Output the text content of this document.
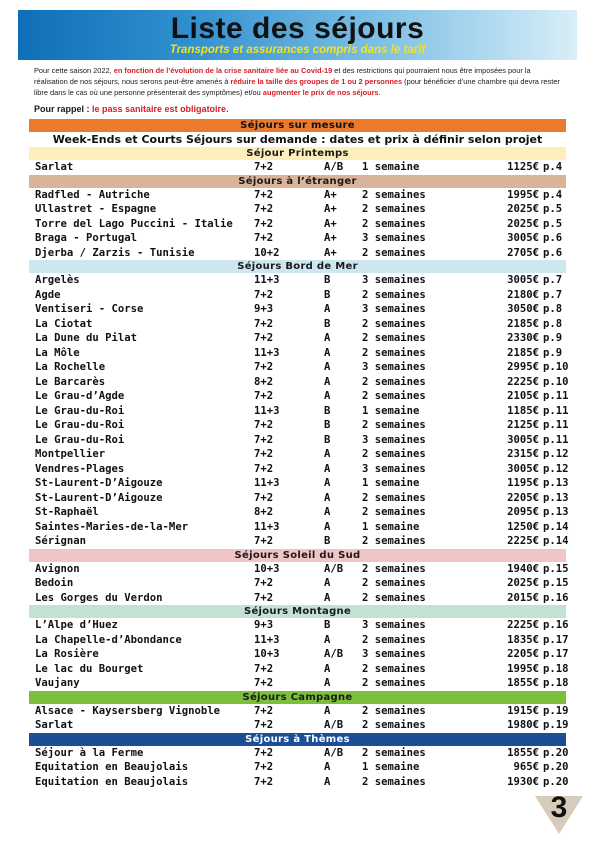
Liste des séjours
Transports et assurances compris dans le tarif
Pour cette saison 2022, en fonction de l’évolution de la crise sanitaire liée au Covid-19 et des restrictions qui pourraient nous être imposées pour la réalisation de nos séjours, nous serons peut-être amenés à réduire la taille des groupes de 1 ou 2 personnes (pour bénéficier d’une chambre qui devra rester libre dans le cas où une personne présenterait des symptômes) et/ou augmenter le prix de nos séjours.
Pour rappel : le pass sanitaire est obligatoire.
Séjours sur mesure
Week-Ends et Courts Séjours sur demande : dates et prix à définir selon projet
Séjour Printemps
Sarlat	7+2	A/B 1 semaine	1125€ p.4
Séjours à l’étranger
Radfled - Autriche	7+2	A+ 2 semaines	1995€ p.4
Ullastret - Espagne	7+2	A+ 2 semaines	2025€ p.5
Torre del Lago Puccini - Italie 7+2	A+ 2 semaines	2025€ p.5
Braga - Portugal	7+2	A+ 3 semaines	3005€ p.6
Djerba / Zarzis - Tunisie	10+2	A+ 2 semaines	2705€ p.6
Séjours Bord de Mer
Argelès	11+3	B	3 semaines	3005€ p.7
Agde	7+2	B	2 semaines	2180€ p.7
Ventiseri - Corse	9+3	A	3 semaines	3050€ p.8
La Ciotat	7+2	B	2 semaines	2185€ p.8
La Dune du Pilat	7+2	A	2 semaines	2330€ p.9
La Môle	11+3	A	2 semaines	2185€ p.9
La Rochelle	7+2	A	3 semaines	2995€ p.10
Le Barcarès	8+2	A	2 semaines	2225€ p.10
Le Grau-d’Agde	7+2	A	2 semaines	2105€ p.11
Le Grau-du-Roi	11+3	B	1 semaine	1185€ p.11
Le Grau-du-Roi	7+2	B	2 semaines	2125€ p.11
Le Grau-du-Roi	7+2	B	3 semaines	3005€ p.11
Montpellier	7+2	A	2 semaines	2315€ p.12
Vendres-Plages	7+2	A	3 semaines	3005€ p.12
St-Laurent-D’Aigouze	11+3	A	1 semaine	1195€ p.13
St-Laurent-D’Aigouze	7+2	A	2 semaines	2205€ p.13
St-Raphaël	8+2	A	2 semaines	2095€ p.13
Saintes-Maries-de-la-Mer	11+3	A	1 semaine	1250€ p.14
Sérignan	7+2	B	2 semaines	2225€ p.14
Séjours Soleil du Sud
Avignon	10+3	A/B 2 semaines	1940€ p.15
Bedoin	7+2	A	2 semaines	2025€ p.15
Les Gorges du Verdon	7+2	A	2 semaines	2015€ p.16
Séjours Montagne
L’Alpe d’Huez	9+3	B	3 semaines	2225€ p.16
La Chapelle-d’Abondance	11+3	A	2 semaines	1835€ p.17
La Rosière	10+3	A/B 3 semaines	2205€ p.17
Le lac du Bourget	7+2	A	2 semaines	1995€ p.18
Vaujany	7+2	A	2 semaines	1855€ p.18
Séjours Campagne
Alsace - Kaysersberg Vignoble	7+2	A	2 semaines	1915€ p.19
Sarlat	7+2	A/B 2 semaines	1980€ p.19
Séjours à Thèmes
Séjour à la Ferme	7+2	A/B 2 semaines	1855€ p.20
Equitation en Beaujolais	7+2	A	1 semaine	965€ p.20
Equitation en Beaujolais	7+2	A	2 semaines	1930€ p.20
3
